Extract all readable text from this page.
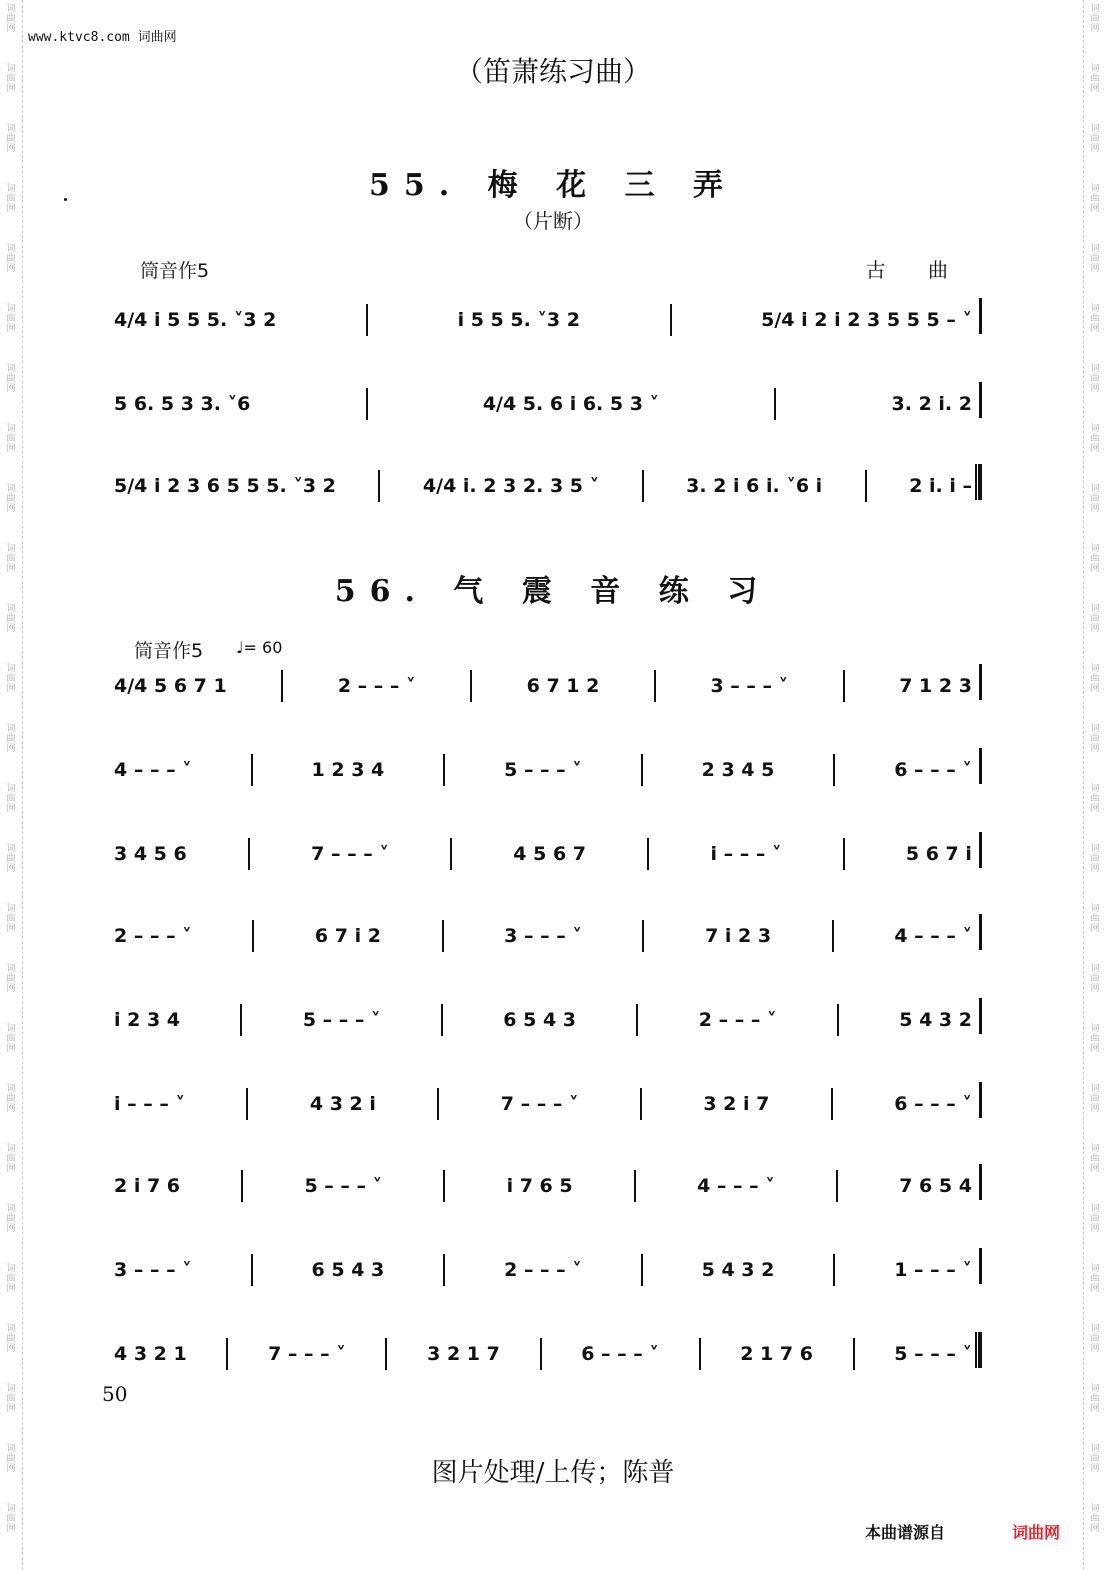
词
曲
网
词
曲
网
词
曲
网
词
曲
网
词
曲
网
词
曲
网
词
曲
网
词
曲
网
词
曲
网
词
曲
网
词
曲
网
词
曲
网
词
曲
网
词
曲
网
词
曲
网
词
曲
网
词
曲
网
词
曲
网
词
曲
网
词
曲
网
词
曲
网
词
曲
网
词
曲
网
词
曲
网
词
曲
网
词
曲
网
词
曲
网
词
曲
网
词
曲
网
词
曲
网
词
曲
网
词
曲
网
词
曲
网
词
曲
网
词
曲
网
词
曲
网
词
曲
网
词
曲
网
词
曲
网
词
曲
网
词
曲
网
词
曲
网
词
曲
网
词
曲
网
词
曲
网
词
曲
网
词
曲
网
词
曲
网
词
曲
网
词
曲
网
词
曲
网
词
曲
网
www.ktvc8.com 词曲网
（笛萧练习曲）
55. 梅 花 三 弄
（片断）
筒音作5	古 曲
4/4 i 5 5 5. ˅3 2	i 5 5 5. ˅3 2	5/4 i 2 i 2 3 5 5 5 – ˅
5 6. 5 3 3. ˅6	4/4 5. 6 i 6. 5 3 ˅	3. 2 i. 2
5/4 i 2 3 6 5 5 5. ˅3 2	4/4 i. 2 3 2. 3 5 ˅	3. 2 i 6 i. ˅6 i	2 i. i –
56. 气 震 音 练 习
筒音作5 ♩= 60
4/4 5 6 7 1	2 – – – ˅	6 7 1 2	3 – – – ˅	7 1 2 3
4 – – – ˅	1 2 3 4	5 – – – ˅	2 3 4 5	6 – – – ˅
3 4 5 6	7 – – – ˅	4 5 6 7	i – – – ˅	5 6 7 i
2 – – – ˅	6 7 i 2	3 – – – ˅	7 i 2 3	4 – – – ˅
i 2 3 4	5 – – – ˅	6 5 4 3	2 – – – ˅	5 4 3 2
i – – – ˅	4 3 2 i	7 – – – ˅	3 2 i 7	6 – – – ˅
2 i 7 6	5 – – – ˅	i 7 6 5	4 – – – ˅	7 6 5 4
3 – – – ˅	6 5 4 3	2 – – – ˅	5 4 3 2	1 – – – ˅
4 3 2 1	7 – – – ˅	3 2 1 7	6 – – – ˅	2 1 7 6	5 – – – ˅
50
图片处理/上传；陈普
本曲谱源自	词曲网
